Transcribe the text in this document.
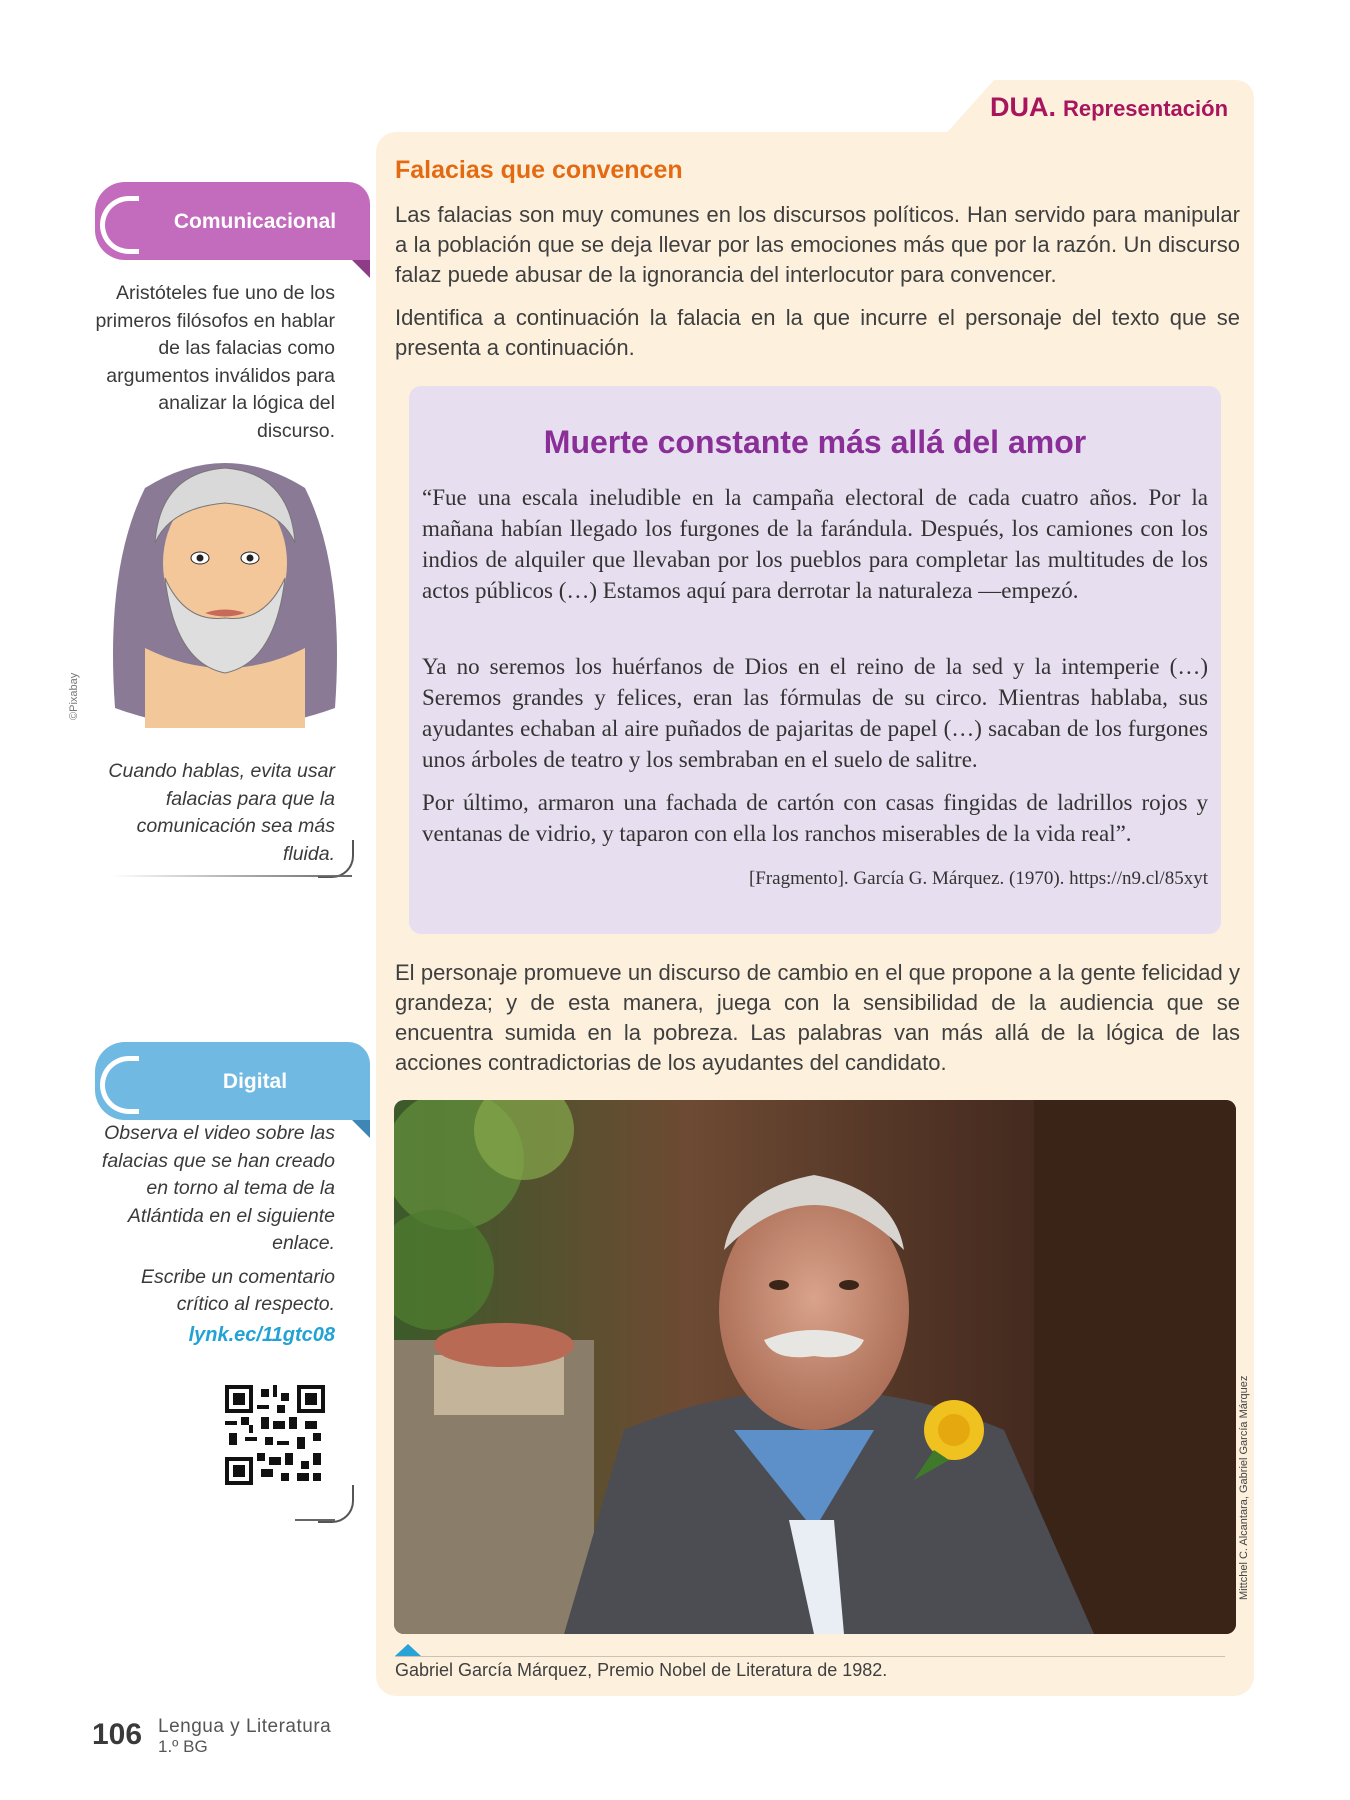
DUA. Representación
Falacias que convencen
Las falacias son muy comunes en los discursos políticos. Han servido para manipular a la población que se deja llevar por las emociones más que por la razón. Un discurso falaz puede abusar de la ignorancia del interlocutor para convencer.
Identifica a continuación la falacia en la que incurre el personaje del texto que se presenta a continuación.
Muerte constante más allá del amor
“Fue una escala ineludible en la campaña electoral de cada cuatro años. Por la mañana habían llegado los furgones de la farándula. Después, los camiones con los indios de alquiler que llevaban por los pueblos para completar las multitudes de los actos públicos (…) Estamos aquí para derrotar la naturaleza —empezó.
Ya no seremos los huérfanos de Dios en el reino de la sed y la intemperie (…) Seremos grandes y felices, eran las fórmulas de su circo. Mientras hablaba, sus ayudantes echaban al aire puñados de pajaritas de papel (…) sacaban de los furgones unos árboles de teatro y los sembraban en el suelo de salitre.
Por último, armaron una fachada de cartón con casas fingidas de ladrillos rojos y ventanas de vidrio, y taparon con ella los ranchos miserables de la vida real”.
[Fragmento]. García G. Márquez. (1970). https://n9.cl/85xyt
El personaje promueve un discurso de cambio en el que propone a la gente felicidad y grandeza; y de esta manera, juega con la sensibilidad de la audiencia que se encuentra sumida en la pobreza. Las palabras van más allá de la lógica de las acciones contradictorias de los ayudantes del candidato.
Mittchel C. Alcantara, Gabriel García Márquez
Gabriel García Márquez, Premio Nobel de Literatura de 1982.
Comunicacional
Aristóteles fue uno de los primeros filósofos en hablar de las falacias como argumentos inválidos para analizar la lógica del discurso.
©Pixabay
Cuando hablas, evita usar falacias para que la comunicación sea más fluida.
Digital
Observa el video sobre las falacias que se han creado en torno al tema de la Atlántida en el siguiente enlace.
Escribe un comentario crítico al respecto.
lynk.ec/11gtc08
106 Lengua y Literatura
1.º BG
